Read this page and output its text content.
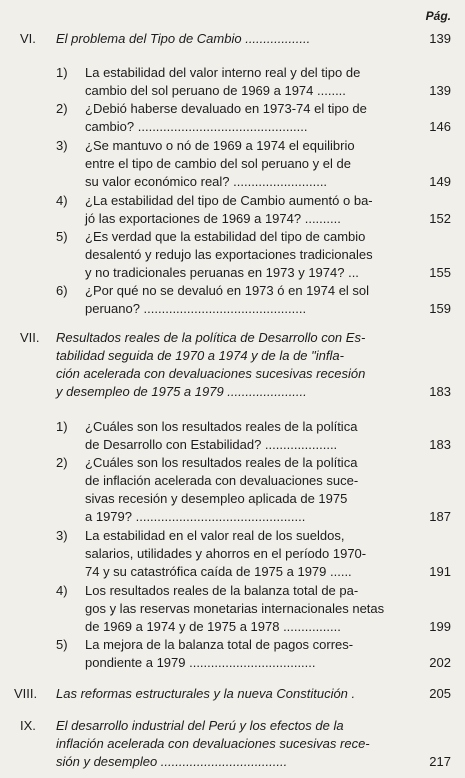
Pág.
VI. El problema del Tipo de Cambio ..................	139
1) La estabilidad del valor interno real y del tipo de
cambio del sol peruano de 1969 a 1974 ........	139
2) ¿Debió haberse devaluado en 1973-74 el tipo de
cambio? ...............................................	146
3) ¿Se mantuvo o nó de 1969 a 1974 el equilibrio
entre el tipo de cambio del sol peruano y el de
su valor económico real? ..........................	149
4) ¿La estabilidad del tipo de Cambio aumentó o ba-
jó las exportaciones de 1969 a 1974? ..........	152
5) ¿Es verdad que la estabilidad del tipo de cambio
desalentó y redujo las exportaciones tradicionales
y no tradicionales peruanas en 1973 y 1974? ...	155
6) ¿Por qué no se devaluó en 1973 ó en 1974 el sol
peruano? .............................................	159
VII. Resultados reales de la política de Desarrollo con Es-
tabilidad seguida de 1970 a 1974 y de la de "infla-
ción acelerada con devaluaciones sucesivas recesión
y desempleo de 1975 a 1979 ......................	183
1) ¿Cuáles son los resultados reales de la política
de Desarrollo con Estabilidad? ....................	183
2) ¿Cuáles son los resultados reales de la política
de inflación acelerada con devaluaciones suce-
sivas recesión y desempleo aplicada de 1975
a 1979? ...............................................	187
3) La estabilidad en el valor real de los sueldos,
salarios, utilidades y ahorros en el período 1970-
74 y su catastrófica caída de 1975 a 1979 ......	191
4) Los resultados reales de la balanza total de pa-
gos y las reservas monetarias internacionales netas
de 1969 a 1974 y de 1975 a 1978 ................	199
5) La mejora de la balanza total de pagos corres-
pondiente a 1979 ...................................	202
VIII. Las reformas estructurales y la nueva Constitución .	205
IX. El desarrollo industrial del Perú y los efectos de la
inflación acelerada con devaluaciones sucesivas rece-
sión y desempleo ...................................	217
